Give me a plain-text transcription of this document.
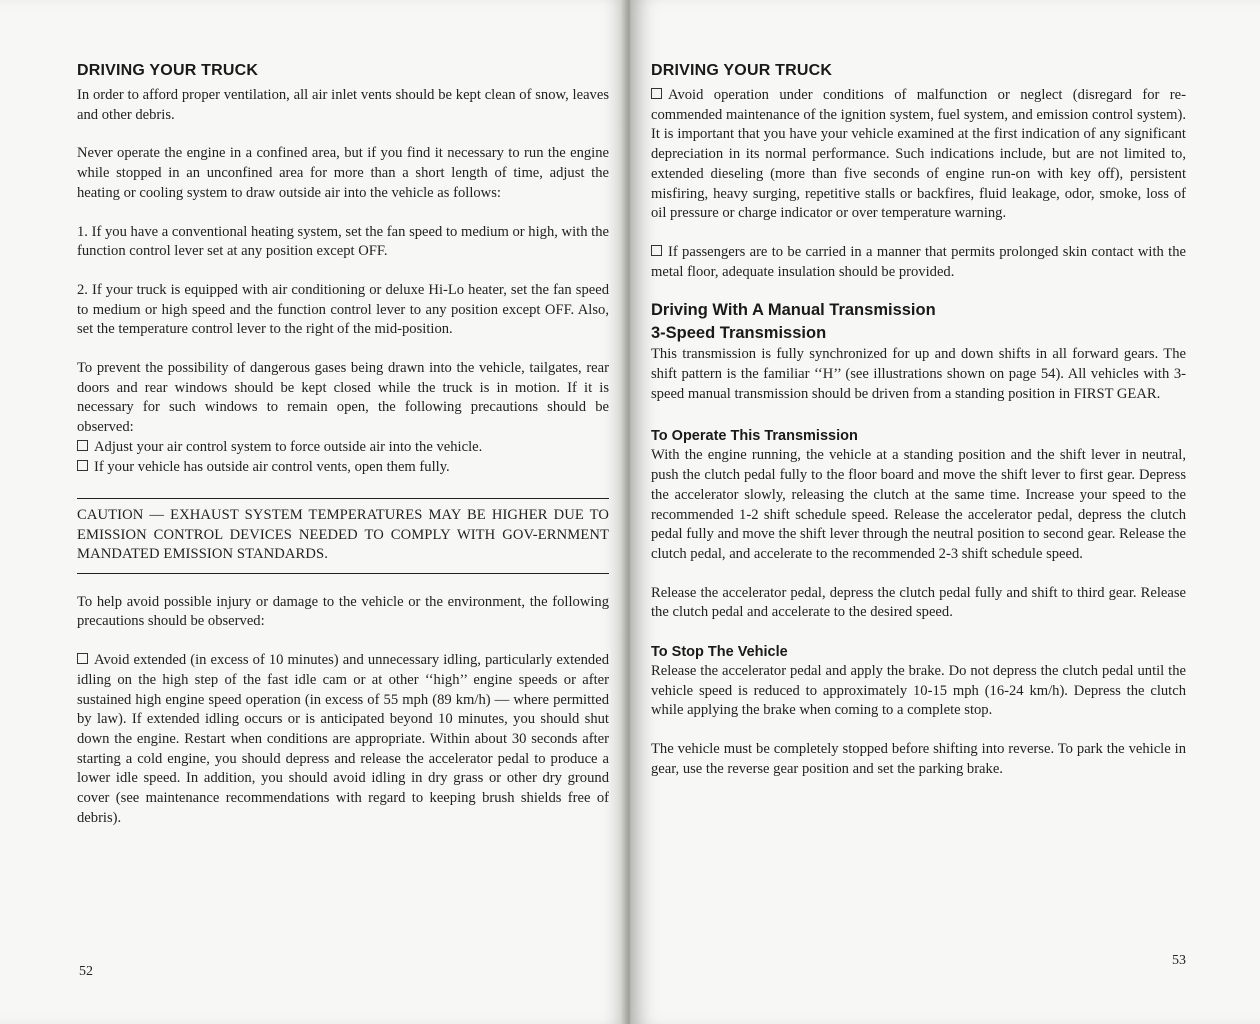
DRIVING YOUR TRUCK

In order to afford proper ventilation, all air inlet vents should be kept clean of snow, leaves and other debris.

Never operate the engine in a confined area, but if you find it necessary to run the engine while stopped in an unconfined area for more than a short length of time, adjust the heating or cooling system to draw outside air into the vehicle as follows:

1. If you have a conventional heating system, set the fan speed to medium or high, with the function control lever set at any position except OFF.

2. If your truck is equipped with air conditioning or deluxe Hi-Lo heater, set the fan speed to medium or high speed and the function control lever to any position except OFF. Also, set the temperature control lever to the right of the mid-position.

To prevent the possibility of dangerous gases being drawn into the vehicle, tailgates, rear doors and rear windows should be kept closed while the truck is in motion. If it is necessary for such windows to remain open, the following precautions should be observed:

Adjust your air control system to force outside air into the vehicle.

If your vehicle has outside air control vents, open them fully.

CAUTION — EXHAUST SYSTEM TEMPERATURES MAY BE HIGHER DUE TO EMISSION CONTROL DEVICES NEEDED TO COMPLY WITH GOV-ERNMENT MANDATED EMISSION STANDARDS.

To help avoid possible injury or damage to the vehicle or the environment, the following precautions should be observed:

Avoid extended (in excess of 10 minutes) and unnecessary idling, particularly extended idling on the high step of the fast idle cam or at other ‘‘high’’ engine speeds or after sustained high engine speed operation (in excess of 55 mph (89 km/h) — where permitted by law). If extended idling occurs or is anticipated beyond 10 minutes, you should shut down the engine. Restart when conditions are appropriate. Within about 30 seconds after starting a cold engine, you should depress and release the accelerator pedal to produce a lower idle speed. In addition, you should avoid idling in dry grass or other dry ground cover (see maintenance recommendations with regard to keeping brush shields free of debris).

52
DRIVING YOUR TRUCK

Avoid operation under conditions of malfunction or neglect (disregard for re-commended maintenance of the ignition system, fuel system, and emission control system). It is important that you have your vehicle examined at the first indication of any significant depreciation in its normal performance. Such indications include, but are not limited to, extended dieseling (more than five seconds of engine run-on with key off), persistent misfiring, heavy surging, repetitive stalls or backfires, fluid leakage, odor, smoke, loss of oil pressure or charge indicator or over temperature warning.

If passengers are to be carried in a manner that permits prolonged skin contact with the metal floor, adequate insulation should be provided.

Driving With A Manual Transmission
3-Speed Transmission

This transmission is fully synchronized for up and down shifts in all forward gears. The shift pattern is the familiar ‘‘H’’ (see illustrations shown on page 54). All vehicles with 3-speed manual transmission should be driven from a standing position in FIRST GEAR.

To Operate This Transmission

With the engine running, the vehicle at a standing position and the shift lever in neutral, push the clutch pedal fully to the floor board and move the shift lever to first gear. Depress the accelerator slowly, releasing the clutch at the same time. Increase your speed to the recommended 1-2 shift schedule speed. Release the accelerator pedal, depress the clutch pedal fully and move the shift lever through the neutral position to second gear. Release the clutch pedal, and accelerate to the recommended 2-3 shift schedule speed.

Release the accelerator pedal, depress the clutch pedal fully and shift to third gear. Release the clutch pedal and accelerate to the desired speed.

To Stop The Vehicle

Release the accelerator pedal and apply the brake. Do not depress the clutch pedal until the vehicle speed is reduced to approximately 10-15 mph (16-24 km/h). Depress the clutch while applying the brake when coming to a complete stop.

The vehicle must be completely stopped before shifting into reverse. To park the vehicle in gear, use the reverse gear position and set the parking brake.

53
